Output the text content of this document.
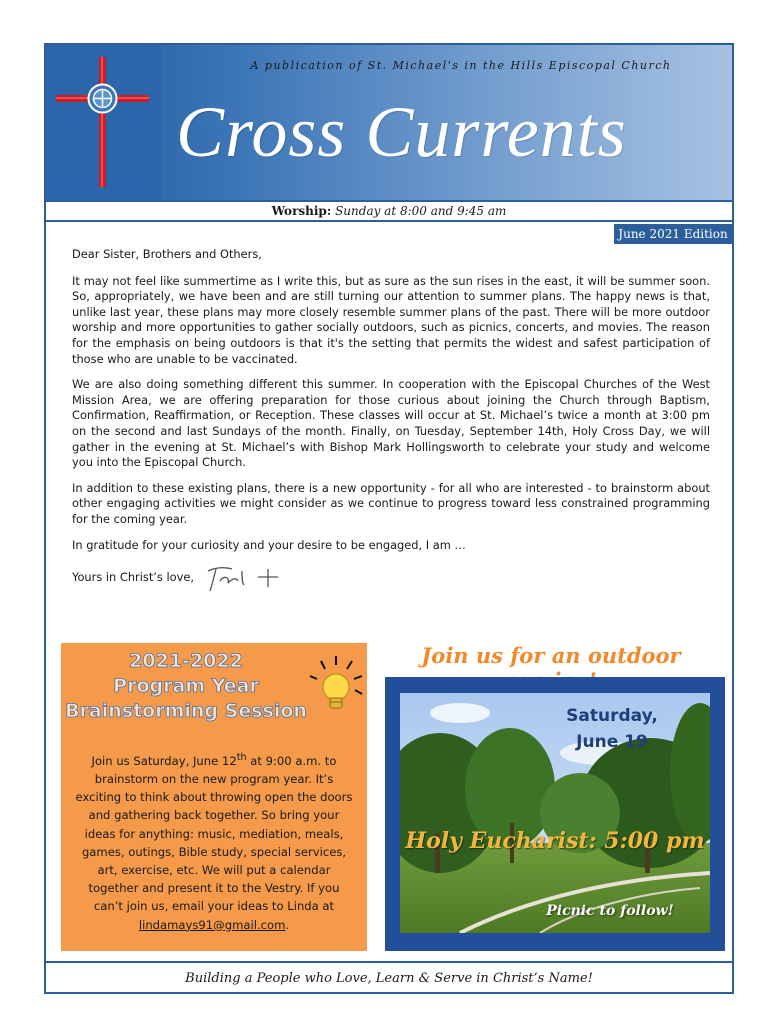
A publication of St. Michael's in the Hills Episcopal Church
Cross Currents
Worship: Sunday at 8:00 and 9:45 am
June 2021 Edition

Dear Sister, Brothers and Others,

It may not feel like summertime as I write this, but as sure as the sun rises in the east, it will be summer soon. So, appropriately, we have been and are still turning our attention to summer plans. The happy news is that, unlike last year, these plans may more closely resemble summer plans of the past. There will be more outdoor worship and more opportunities to gather socially outdoors, such as picnics, concerts, and movies. The reason for the emphasis on being outdoors is that it's the setting that permits the widest and safest participation of those who are unable to be vaccinated.

We are also doing something different this summer. In cooperation with the Episcopal Churches of the West Mission Area, we are offering preparation for those curious about joining the Church through Baptism, Confirmation, Reaffirmation, or Reception. These classes will occur at St. Michael’s twice a month at 3:00 pm on the second and last Sundays of the month. Finally, on Tuesday, September 14th, Holy Cross Day, we will gather in the evening at St. Michael’s with Bishop Mark Hollingsworth to celebrate your study and welcome you into the Episcopal Church.

In addition to these existing plans, there is a new opportunity - for all who are interested - to brainstorm about other engaging activities we might consider as we continue to progress toward less constrained programming for the coming year.

In gratitude for your curiosity and your desire to be engaged, I am …

Yours in Christ’s love,
2021-2022
Program Year
Brainstorming Session
Join us Saturday, June 12th at 9:00 a.m. to brainstorm on the new program year. It’s exciting to think about throwing open the doors and gathering back together. So bring your ideas for anything: music, mediation, meals, games, outings, Bible study, special services, art, exercise, etc. We will put a calendar together and present it to the Vestry. If you can’t join us, email your ideas to Linda at lindamays91@gmail.com.
Join us for an outdoor
Saturday,
June 19
Holy Eucharist: 5:00 pm
Picnic to follow!
Building a People who Love, Learn & Serve in Christ’s Name!
